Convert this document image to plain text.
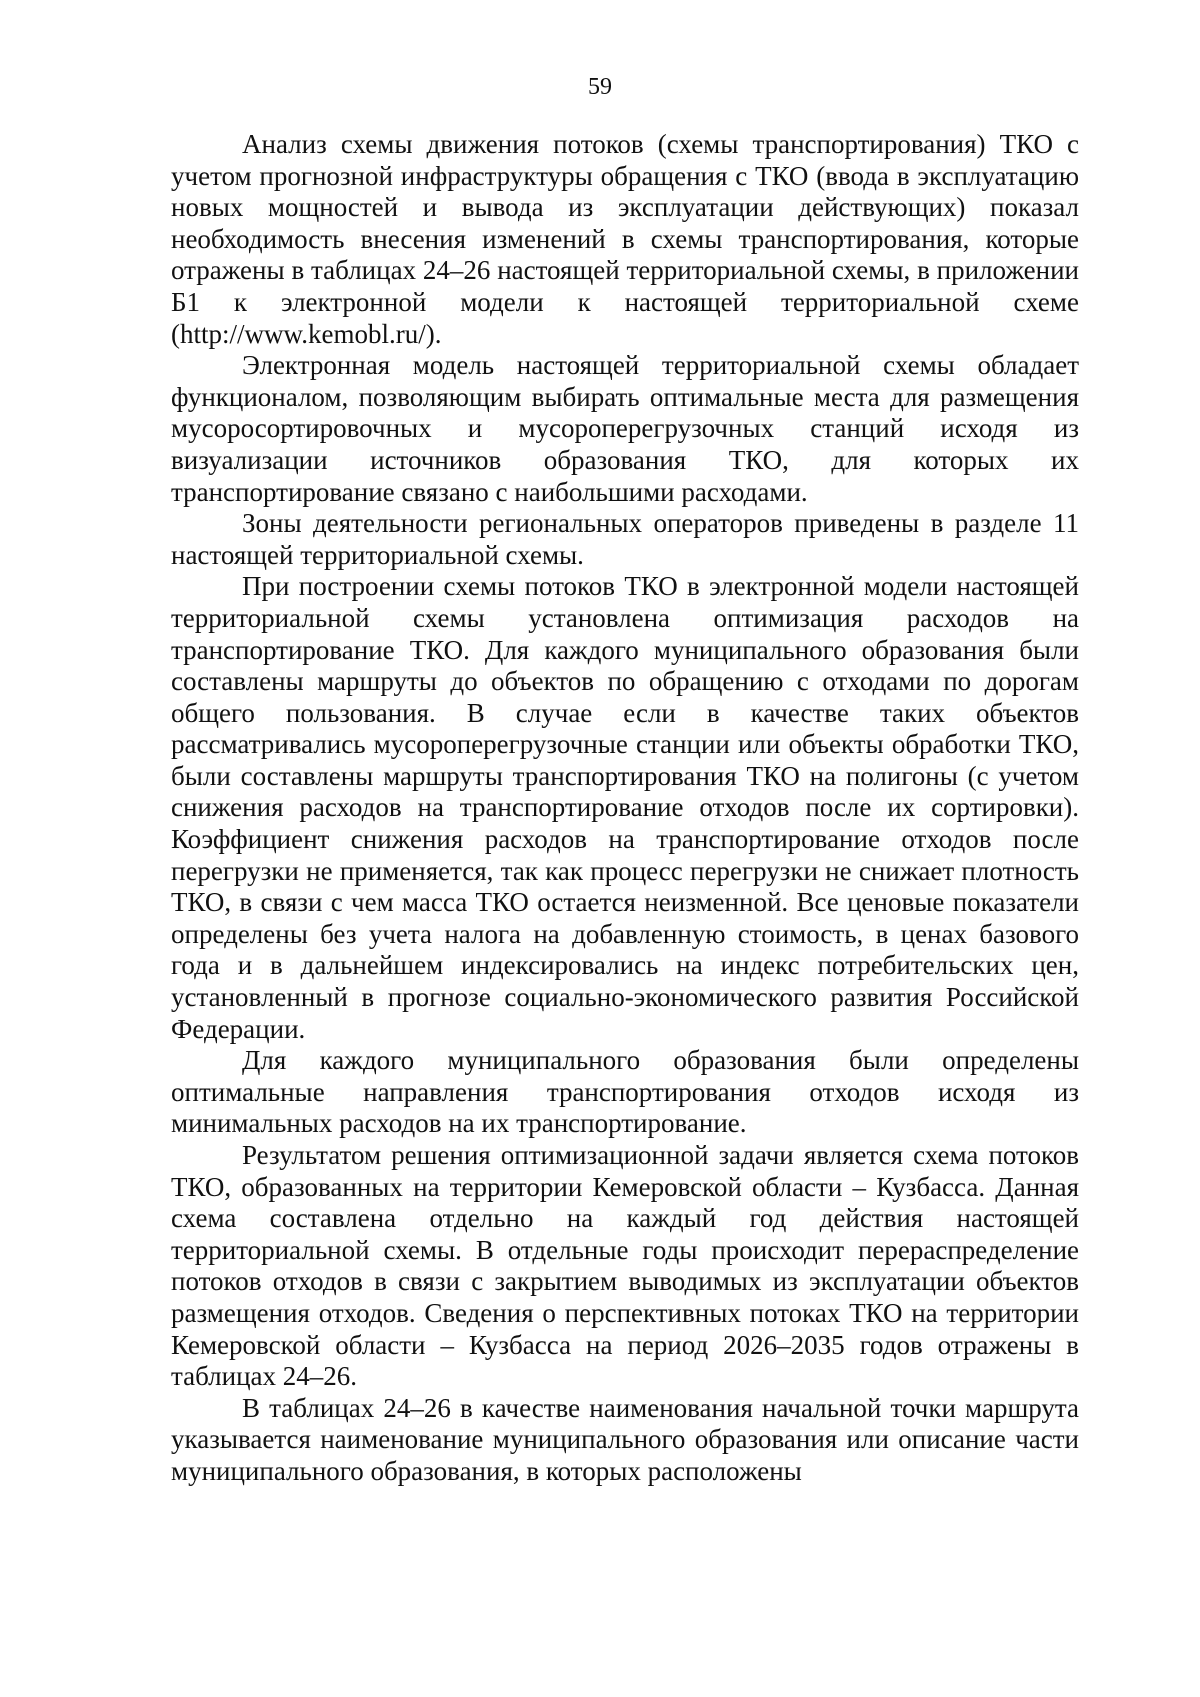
59

Анализ схемы движения потоков (схемы транспортирования) ТКО с учетом прогнозной инфраструктуры обращения с ТКО (ввода в эксплуатацию новых мощностей и вывода из эксплуатации действующих) показал необходимость внесения изменений в схемы транспортирования, которые отражены в таблицах 24–26 настоящей территориальной схемы, в приложении Б1 к электронной модели к настоящей территориальной схеме (http://www.kemobl.ru/).

Электронная модель настоящей территориальной схемы обладает функционалом, позволяющим выбирать оптимальные места для размещения мусоросортировочных и мусороперегрузочных станций исходя из визуализации источников образования ТКО, для которых их транспортирование связано с наибольшими расходами.

Зоны деятельности региональных операторов приведены в разделе 11 настоящей территориальной схемы.

При построении схемы потоков ТКО в электронной модели настоящей территориальной схемы установлена оптимизация расходов на транспортирование ТКО. Для каждого муниципального образования были составлены маршруты до объектов по обращению с отходами по дорогам общего пользования. В случае если в качестве таких объектов рассматривались мусороперегрузочные станции или объекты обработки ТКО, были составлены маршруты транспортирования ТКО на полигоны (с учетом снижения расходов на транспортирование отходов после их сортировки). Коэффициент снижения расходов на транспортирование отходов после перегрузки не применяется, так как процесс перегрузки не снижает плотность ТКО, в связи с чем масса ТКО остается неизменной. Все ценовые показатели определены без учета налога на добавленную стоимость, в ценах базового года и в дальнейшем индексировались на индекс потребительских цен, установленный в прогнозе социально-экономического развития Российской Федерации.

Для каждого муниципального образования были определены оптимальные направления транспортирования отходов исходя из минимальных расходов на их транспортирование.

Результатом решения оптимизационной задачи является схема потоков ТКО, образованных на территории Кемеровской области – Кузбасса. Данная схема составлена отдельно на каждый год действия настоящей территориальной схемы. В отдельные годы происходит перераспределение потоков отходов в связи с закрытием выводимых из эксплуатации объектов размещения отходов. Сведения о перспективных потоках ТКО на территории Кемеровской области – Кузбасса на период 2026–2035 годов отражены в таблицах 24–26.

В таблицах 24–26 в качестве наименования начальной точки маршрута указывается наименование муниципального образования или описание части муниципального образования, в которых расположены
